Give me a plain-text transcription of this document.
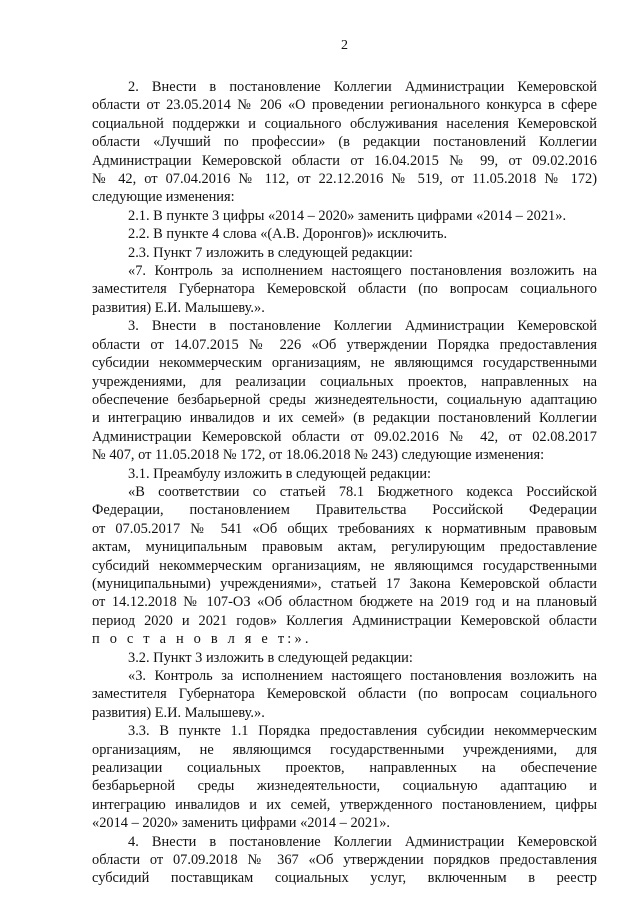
2
2. Внести в постановление Коллегии Администрации Кемеровской
области от 23.05.2014 № 206 «О проведении регионального конкурса в сфере
социальной поддержки и социального обслуживания населения Кемеровской
области «Лучший по профессии» (в редакции постановлений Коллегии
Администрации Кемеровской области от 16.04.2015 № 99, от 09.02.2016
№ 42, от 07.04.2016 № 112, от 22.12.2016 № 519, от 11.05.2018 № 172)
следующие изменения:
2.1. В пункте 3 цифры «2014 – 2020» заменить цифрами «2014 – 2021».
2.2. В пункте 4 слова «(А.В. Доронгов)» исключить.
2.3. Пункт 7 изложить в следующей редакции:
«7. Контроль за исполнением настоящего постановления возложить на
заместителя Губернатора Кемеровской области (по вопросам социального
развития) Е.И. Малышеву.».
3. Внести в постановление Коллегии Администрации Кемеровской
области от 14.07.2015 № 226 «Об утверждении Порядка предоставления
субсидии некоммерческим организациям, не являющимся государственными
учреждениями, для реализации социальных проектов, направленных на
обеспечение безбарьерной среды жизнедеятельности, социальную адаптацию
и интеграцию инвалидов и их семей» (в редакции постановлений Коллегии
Администрации Кемеровской области от 09.02.2016 № 42, от 02.08.2017
№ 407, от 11.05.2018 № 172, от 18.06.2018 № 243) следующие изменения:
3.1. Преамбулу изложить в следующей редакции:
«В соответствии со статьей 78.1 Бюджетного кодекса Российской
Федерации, постановлением Правительства Российской Федерации
от 07.05.2017 № 541 «Об общих требованиях к нормативным правовым
актам, муниципальным правовым актам, регулирующим предоставление
субсидий некоммерческим организациям, не являющимся государственными
(муниципальными) учреждениями», статьей 17 Закона Кемеровской области
от 14.12.2018 № 107-ОЗ «Об областном бюджете на 2019 год и на плановый
период 2020 и 2021 годов» Коллегия Администрации Кемеровской области
п о с т а н о в л я е т:».
3.2. Пункт 3 изложить в следующей редакции:
«3. Контроль за исполнением настоящего постановления возложить на
заместителя Губернатора Кемеровской области (по вопросам социального
развития) Е.И. Малышеву.».
3.3. В пункте 1.1 Порядка предоставления субсидии некоммерческим
организациям, не являющимся государственными учреждениями, для
реализации социальных проектов, направленных на обеспечение
безбарьерной среды жизнедеятельности, социальную адаптацию и
интеграцию инвалидов и их семей, утвержденного постановлением, цифры
«2014 – 2020» заменить цифрами «2014 – 2021».
4. Внести в постановление Коллегии Администрации Кемеровской
области от 07.09.2018 № 367 «Об утверждении порядков предоставления
субсидий поставщикам социальных услуг, включенным в реестр
